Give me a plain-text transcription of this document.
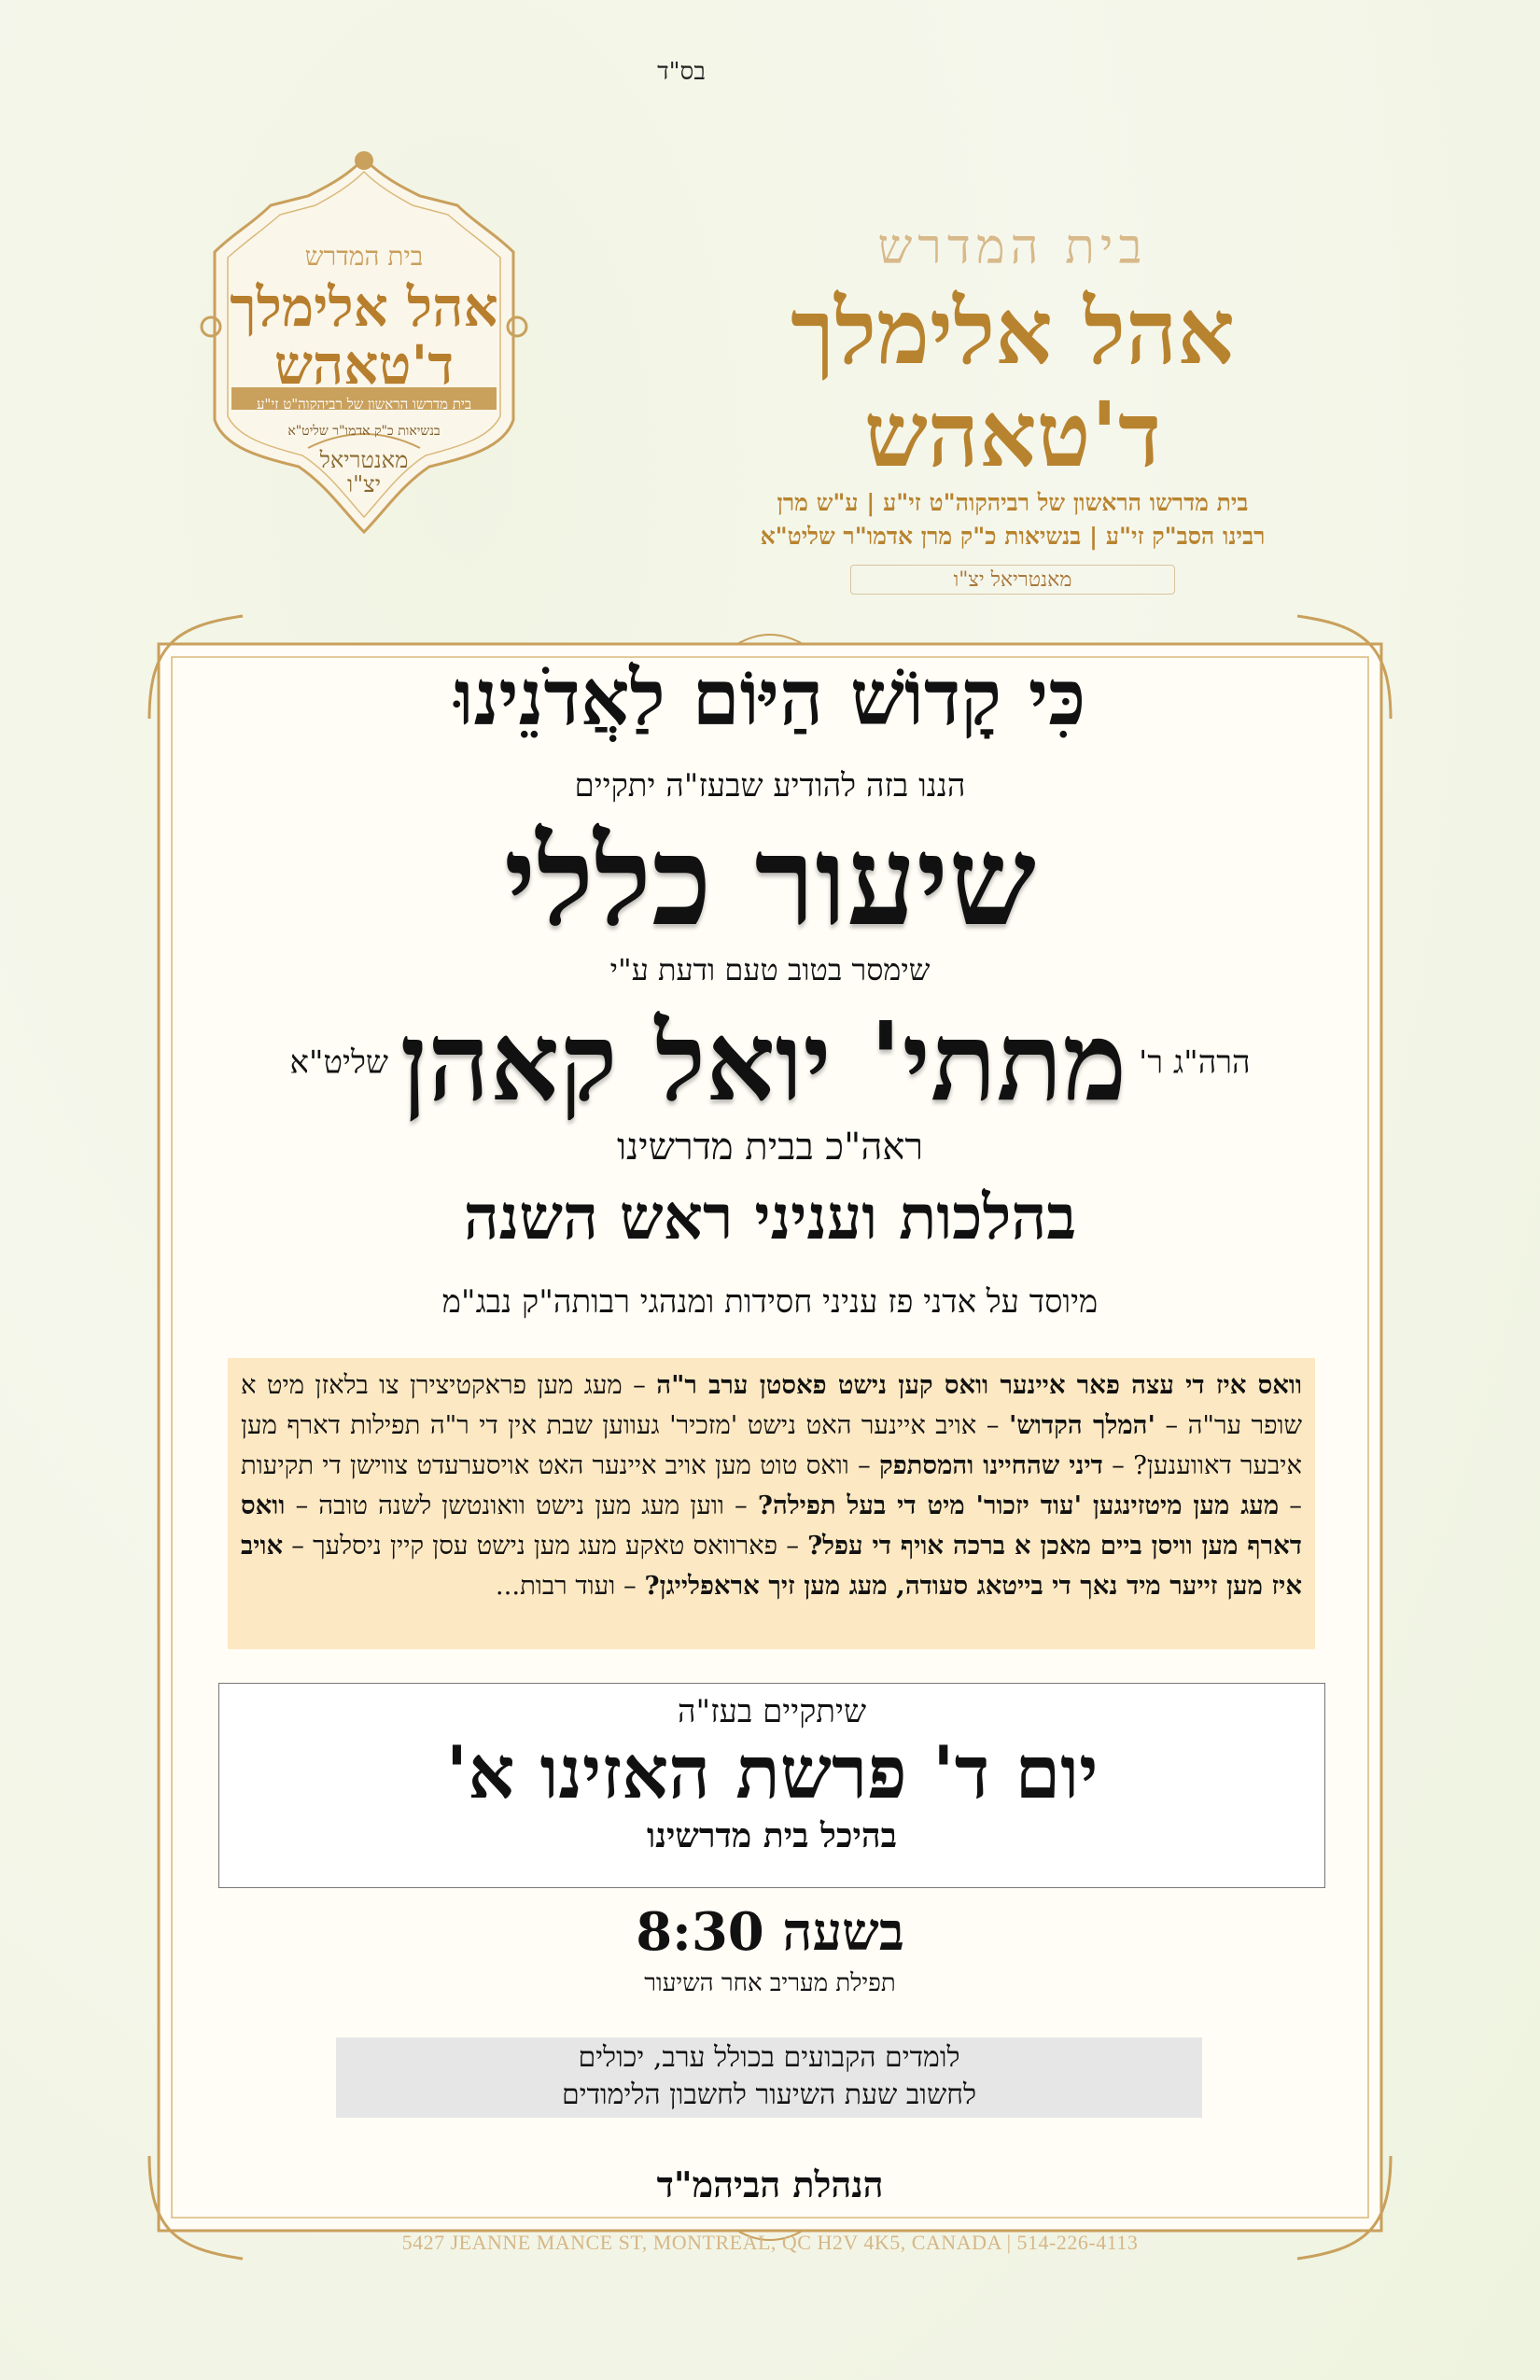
בס"ד
בית המדרש
אהל אלימלך
ד'טאהש
בית מדרשו הראשון של רביהקוה"ט זי"ע
בנשיאות כ"ק אדמו"ר שליט"א
מאנטריאל
יצ"ו
בית המדרש
אהל אלימלך ד'טאהש
בית מדרשו הראשון של רביהקוה"ט זי"ע | ע"ש מרן
רבינו הסב"ק זי"ע | בנשיאות כ"ק מרן אדמו"ר שליט"א
מאנטריאל יצ"ו
כִּי קָדוֹשׁ הַיּוֹם לַאֲדֹנֵינוּ
הננו בזה להודיע שבעז"ה יתקיים
שיעור כללי
שימסר בטוב טעם ודעת ע"י
הרה"ג ר' מתתי' יואל קאהן שליט"א
ראה"כ בבית מדרשינו
בהלכות ועניני ראש השנה
מיוסד על אדני פז עניני חסידות ומנהגי רבותה"ק נבג"מ
וואס איז די עצה פאר איינער וואס קען נישט פאסטן ערב ר"ה – מעג מען פראקטיצירן צו בלאזן מיט א שופר ער"ה – 'המלך הקדוש' – אויב איינער האט נישט 'מזכיר' געווען שבת אין די ר"ה תפילות דארף מען איבער דאווענען? – דיני שהחיינו והמסתפק – וואס טוט מען אויב איינער האט אויסערעדט צווישן די תקיעות – מעג מען מיטזינגען 'עוד יזכור' מיט די בעל תפילה? – ווען מעג מען נישט וואונטשן לשנה טובה – וואס דארף מען וויסן ביים מאכן א ברכה אויף די עפל? – פארוואס טאקע מעג מען נישט עסן קיין ניסלעך – אויב איז מען זייער מיד נאך די בייטאג סעודה, מעג מען זיך אראפלייגן? – ועוד רבות...
שיתקיים בעז"ה
יום ד' פרשת האזינו א'
בהיכל בית מדרשינו
בשעה 8:30
תפילת מעריב אחר השיעור
לומדים הקבועים בכולל ערב, יכולים
לחשוב שעת השיעור לחשבון הלימודים
הנהלת הביהמ"ד
5427 JEANNE MANCE ST, MONTREAL, QC H2V 4K5, CANADA | 514-226-4113
